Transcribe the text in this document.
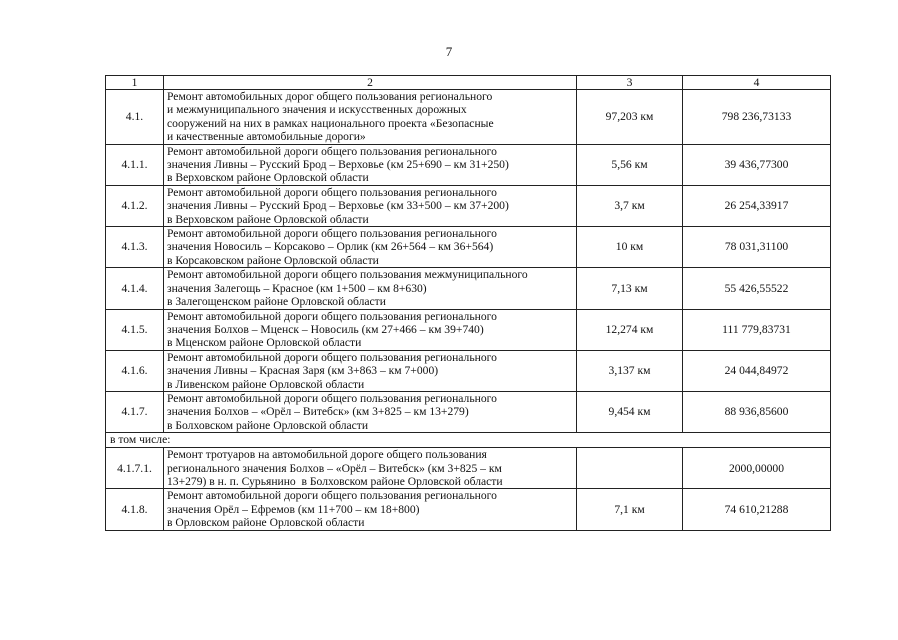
7
1	2	3	4
4.1.	Ремонт автомобильных дорог общего пользования регионального
и межмуниципального значения и искусственных дорожных
сооружений на них в рамках национального проекта «Безопасные
и качественные автомобильные дороги»	97,203 км	798 236,73133
4.1.1.	Ремонт автомобильной дороги общего пользования регионального
значения Ливны – Русский Брод – Верховье (км 25+690 – км 31+250)
в Верховском районе Орловской области	5,56 км	39 436,77300
4.1.2.	Ремонт автомобильной дороги общего пользования регионального
значения Ливны – Русский Брод – Верховье (км 33+500 – км 37+200)
в Верховском районе Орловской области	3,7 км	26 254,33917
4.1.3.	Ремонт автомобильной дороги общего пользования регионального
значения Новосиль – Корсаково – Орлик (км 26+564 – км 36+564)
в Корсаковском районе Орловской области	10 км	78 031,31100
4.1.4.	Ремонт автомобильной дороги общего пользования межмуниципального
значения Залегощь – Красное (км 1+500 – км 8+630)
в Залегощенском районе Орловской области	7,13 км	55 426,55522
4.1.5.	Ремонт автомобильной дороги общего пользования регионального
значения Болхов – Мценск – Новосиль (км 27+466 – км 39+740)
в Мценском районе Орловской области	12,274 км	111 779,83731
4.1.6.	Ремонт автомобильной дороги общего пользования регионального
значения Ливны – Красная Заря (км 3+863 – км 7+000)
в Ливенском районе Орловской области	3,137 км	24 044,84972
4.1.7.	Ремонт автомобильной дороги общего пользования регионального
значения Болхов – «Орёл – Витебск» (км 3+825 – км 13+279)
в Болховском районе Орловской области	9,454 км	88 936,85600
в том числе:			
4.1.7.1.	Ремонт тротуаров на автомобильной дороге общего пользования
регионального значения Болхов – «Орёл – Витебск» (км 3+825 – км
13+279) в н. п. Сурьянино  в Болховском районе Орловской области		2000,00000
4.1.8.	Ремонт автомобильной дороги общего пользования регионального
значения Орёл – Ефремов (км 11+700 – км 18+800)
в Орловском районе Орловской области	7,1 км	74 610,21288
